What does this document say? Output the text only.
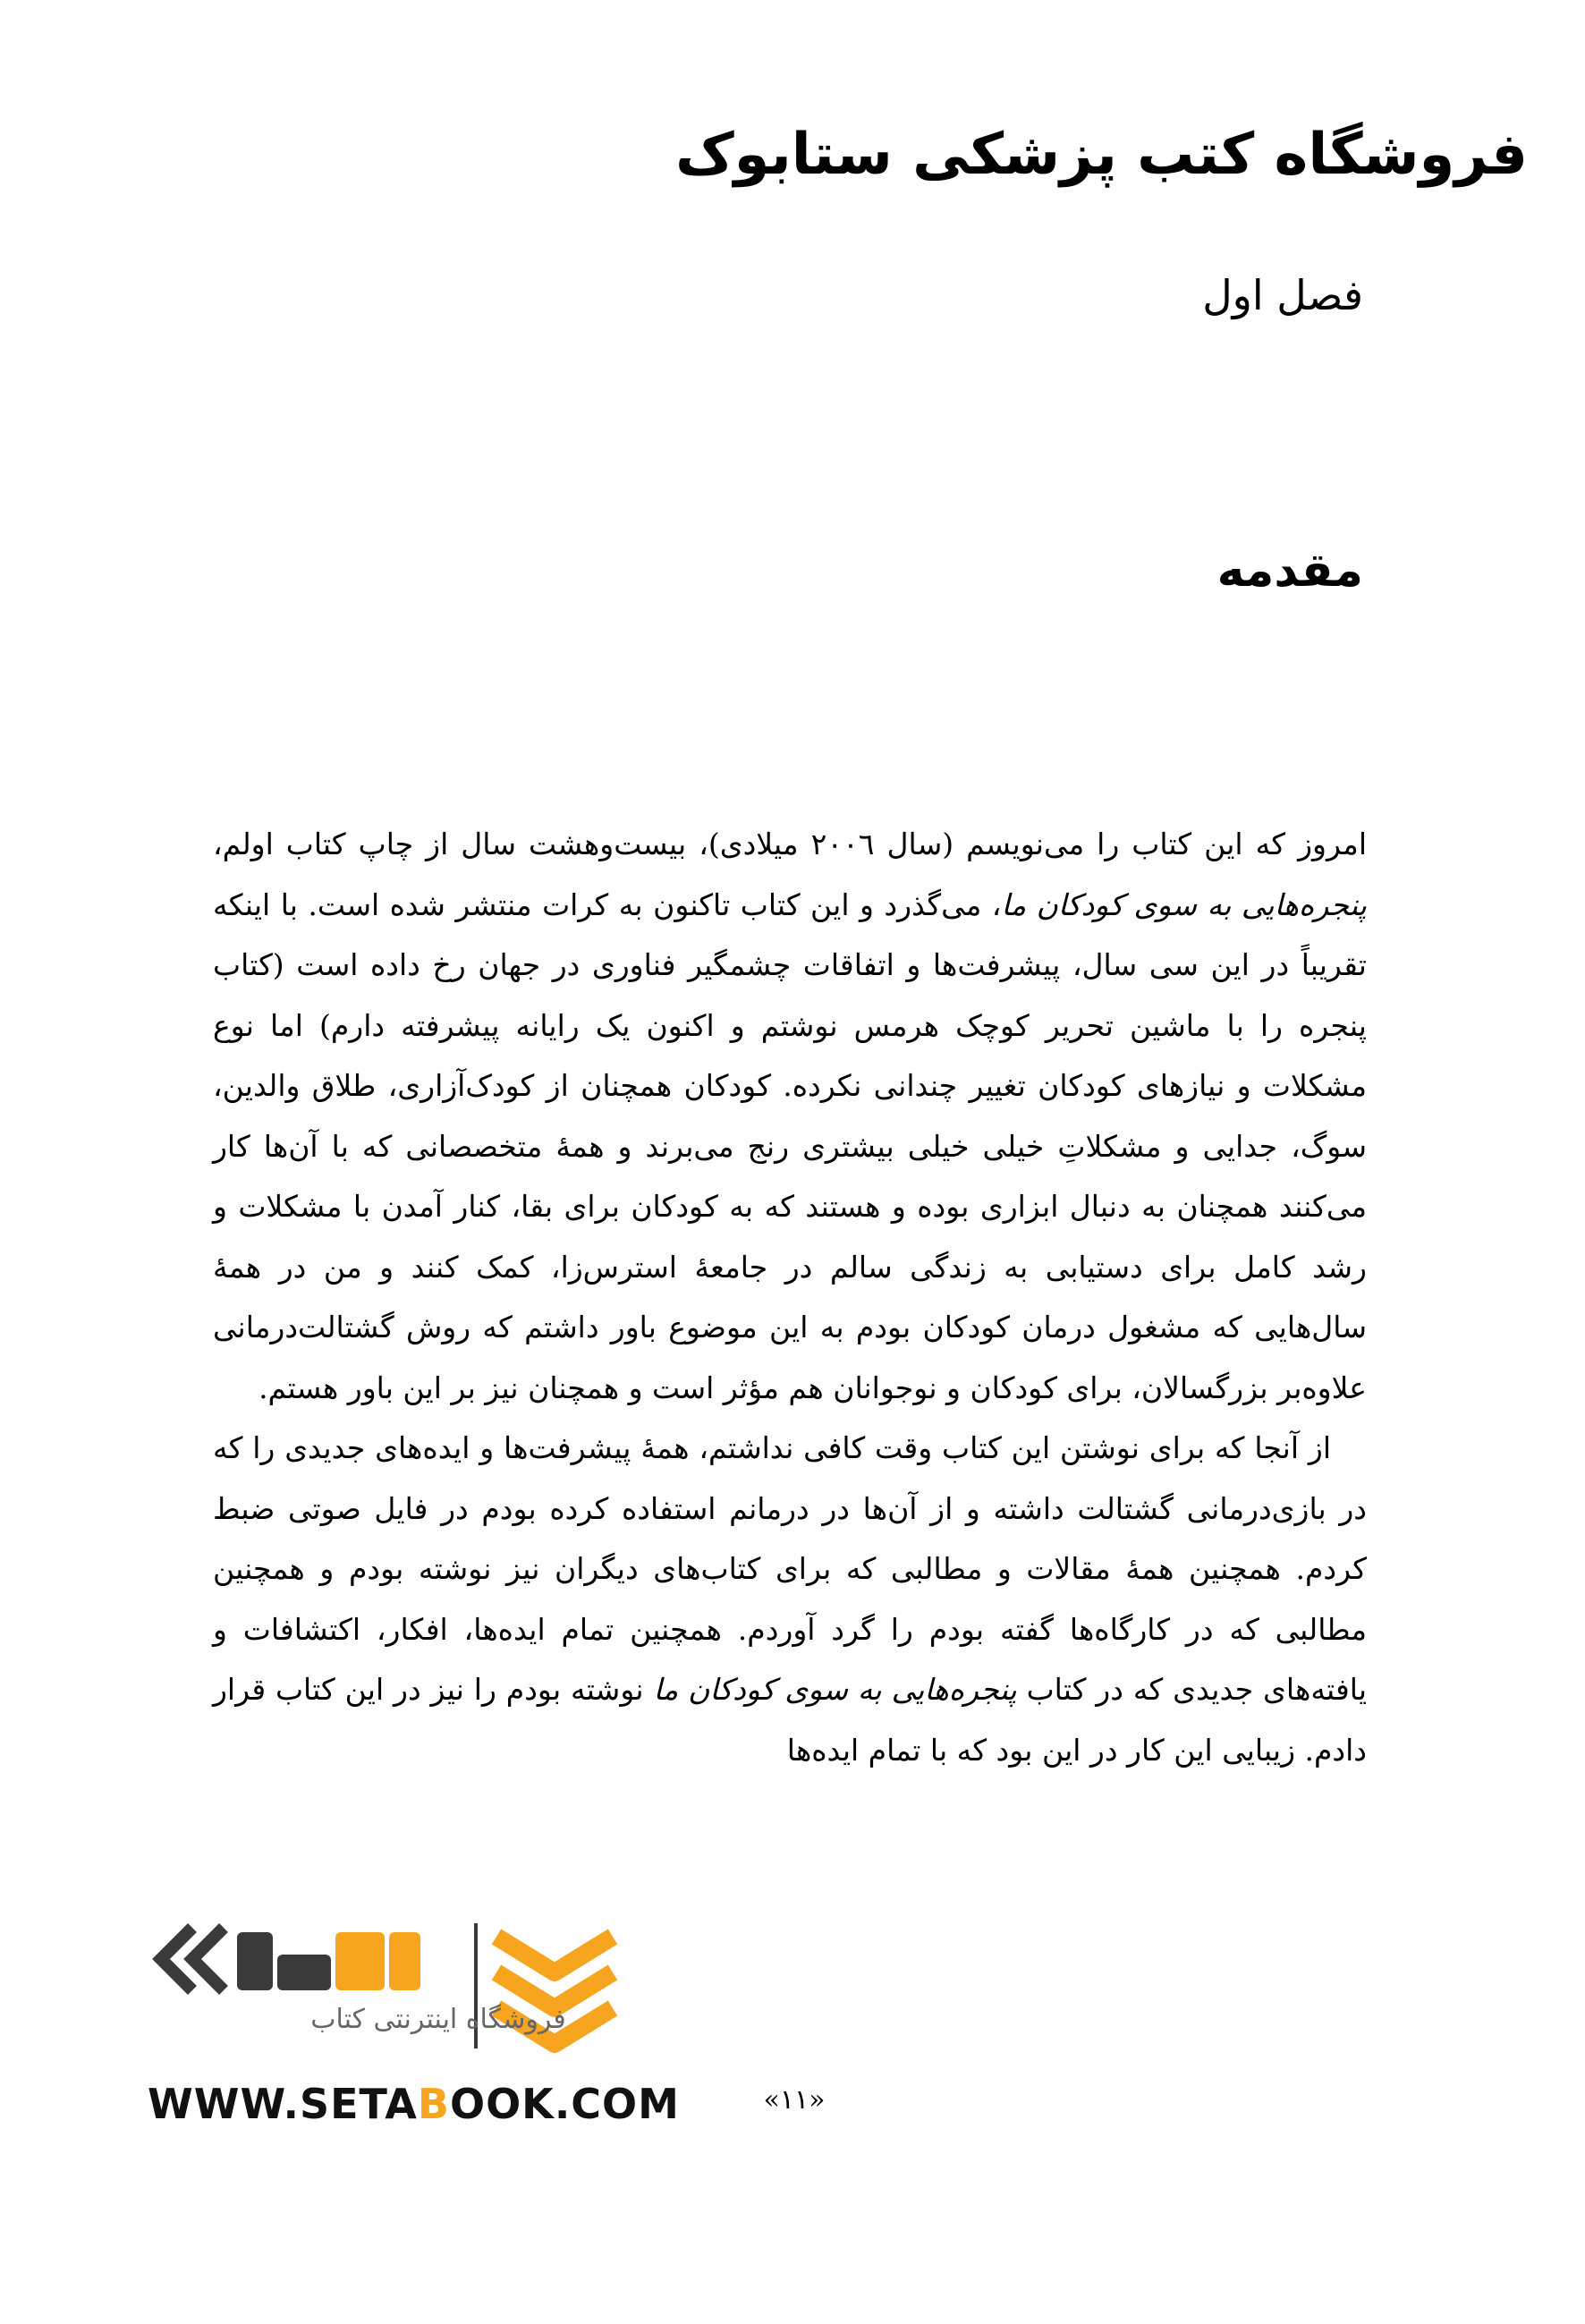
فروشگاه کتب پزشکی ستابوک
فصل اول
مقدمه

امروز که این کتاب را می‌نویسم (سال ۲۰۰٦ میلادی)، بیست‌وهشت سال از چاپ کتاب اولم، پنجره‌هایی به سوی کودکان ما، می‌گذرد و این کتاب تاکنون به کرات منتشر شده است. با اینکه تقریباً در این سی سال، پیشرفت‌ها و اتفاقات چشمگیر فناوری در جهان رخ داده است (کتاب پنجره را با ماشین تحریر کوچک هرمس نوشتم و اکنون یک رایانه پیشرفته دارم) اما نوع مشکلات و نیازهای کودکان تغییر چندانی نکرده. کودکان همچنان از کودک‌آزاری، طلاق والدین، سوگ، جدایی و مشکلاتِ خیلی خیلی بیشتری رنج می‌برند و همهٔ متخصصانی که با آن‌ها کار می‌کنند همچنان به دنبال ابزاری بوده و هستند که به کودکان برای بقا، کنار آمدن با مشکلات و رشد کامل برای دستیابی به زندگی سالم در جامعهٔ استرس‌زا، کمک کنند و من در همهٔ سال‌هایی که مشغول درمان کودکان بودم به این موضوع باور داشتم که روش گشتالت‌درمانی علاوه‌بر بزرگسالان، برای کودکان و نوجوانان هم مؤثر است و همچنان نیز بر این باور هستم.

از آنجا که برای نوشتن این کتاب وقت کافی نداشتم، همهٔ پیشرفت‌ها و ایده‌های جدیدی را که در بازی‌درمانی گشتالت داشته و از آن‌ها در درمانم استفاده کرده بودم در فایل صوتی ضبط کردم. همچنین همهٔ مقالات و مطالبی که برای کتاب‌های دیگران نیز نوشته بودم و همچنین مطالبی که در کارگاه‌ها گفته بودم را گرد آوردم. همچنین تمام ایده‌ها، افکار، اکتشافات و یافته‌های جدیدی که در کتاب پنجره‌هایی به سوی کودکان ما نوشته بودم را نیز در این کتاب قرار دادم. زیبایی این کار در این بود که با تمام ایده‌ها

فروشگاه اینترنتی کتاب
WWW.SETABOOK.COM	«۱۱»
